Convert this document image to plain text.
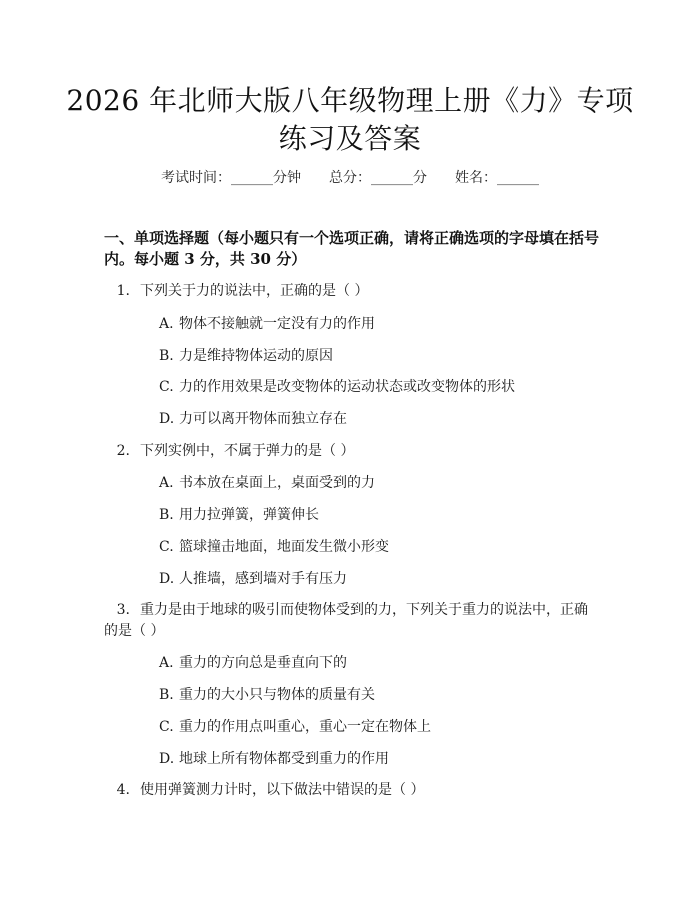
2026 年北师大版八年级物理上册《力》专项
练习及答案
考试时间：______分钟 总分：______分 姓名：______
一、单项选择题（每小题只有一个选项正确，请将正确选项的字母填在括号内。每小题 3 分，共 30 分）
1. 下列关于力的说法中，正确的是（ ）
A. 物体不接触就一定没有力的作用
B. 力是维持物体运动的原因
C. 力的作用效果是改变物体的运动状态或改变物体的形状
D. 力可以离开物体而独立存在
2. 下列实例中，不属于弹力的是（ ）
A. 书本放在桌面上，桌面受到的力
B. 用力拉弹簧，弹簧伸长
C. 篮球撞击地面，地面发生微小形变
D. 人推墙，感到墙对手有压力
3. 重力是由于地球的吸引而使物体受到的力，下列关于重力的说法中，正确
的是（ ）
A. 重力的方向总是垂直向下的
B. 重力的大小只与物体的质量有关
C. 重力的作用点叫重心，重心一定在物体上
D. 地球上所有物体都受到重力的作用
4. 使用弹簧测力计时，以下做法中错误的是（ ）
